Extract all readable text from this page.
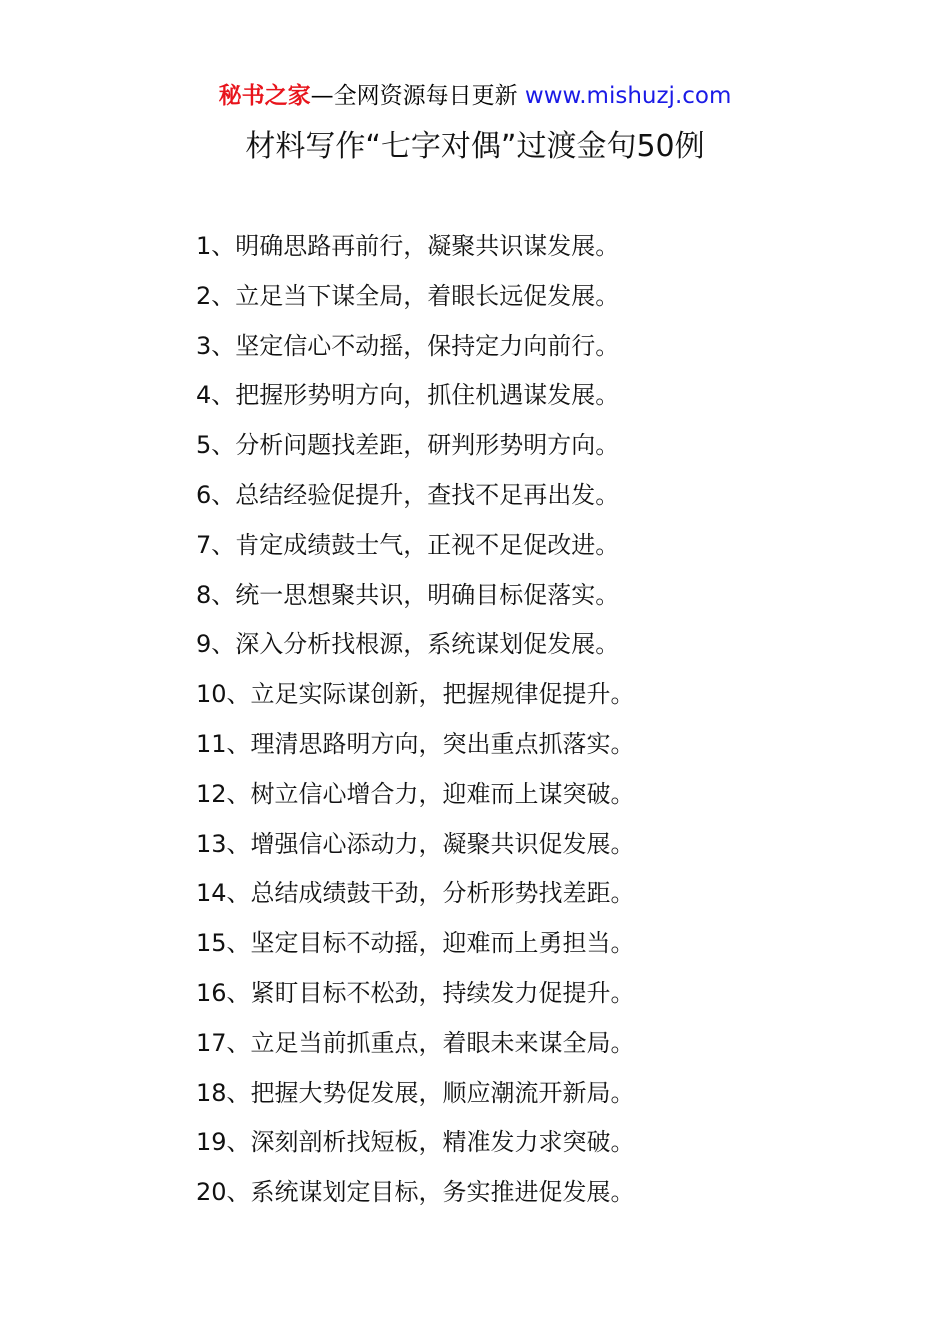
秘书之家—全网资源每日更新 www.mishuzj.com
材料写作“七字对偶”过渡金句50例
1、明确思路再前行，凝聚共识谋发展。
2、立足当下谋全局，着眼长远促发展。
3、坚定信心不动摇，保持定力向前行。
4、把握形势明方向，抓住机遇谋发展。
5、分析问题找差距，研判形势明方向。
6、总结经验促提升，查找不足再出发。
7、肯定成绩鼓士气，正视不足促改进。
8、统一思想聚共识，明确目标促落实。
9、深入分析找根源，系统谋划促发展。
10、立足实际谋创新，把握规律促提升。
11、理清思路明方向，突出重点抓落实。
12、树立信心增合力，迎难而上谋突破。
13、增强信心添动力，凝聚共识促发展。
14、总结成绩鼓干劲，分析形势找差距。
15、坚定目标不动摇，迎难而上勇担当。
16、紧盯目标不松劲，持续发力促提升。
17、立足当前抓重点，着眼未来谋全局。
18、把握大势促发展，顺应潮流开新局。
19、深刻剖析找短板，精准发力求突破。
20、系统谋划定目标，务实推进促发展。
